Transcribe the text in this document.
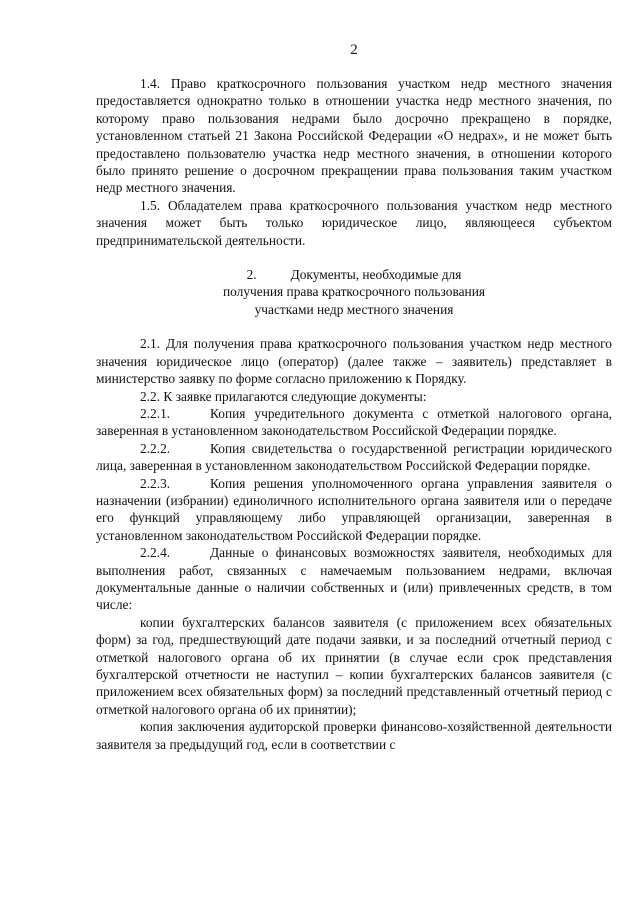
2

1.4. Право краткосрочного пользования участком недр местного значения предоставляется однократно только в отношении участка недр местного значения, по которому право пользования недрами было досрочно прекращено в порядке, установленном статьей 21 Закона Российской Федерации «О недрах», и не может быть предоставлено пользователю участка недр местного значения, в отношении которого было принято решение о досрочном прекращении права пользования таким участком недр местного значения.

1.5. Обладателем права краткосрочного пользования участком недр местного значения может быть только юридическое лицо, являющееся субъектом предпринимательской деятельности.

2.	Документы, необходимые для
получения права краткосрочного пользования
участками недр местного значения

2.1. Для получения права краткосрочного пользования участком недр местного значения юридическое лицо (оператор) (далее также – заявитель) представляет в министерство заявку по форме согласно приложению к Порядку.

2.2. К заявке прилагаются следующие документы:

2.2.1.	Копия учредительного документа с отметкой налогового органа, заверенная в установленном законодательством Российской Федерации порядке.

2.2.2.	Копия свидетельства о государственной регистрации юридического лица, заверенная в установленном законодательством Российской Федерации порядке.

2.2.3.	Копия решения уполномоченного органа управления заявителя о назначении (избрании) единоличного исполнительного органа заявителя или о передаче его функций управляющему либо управляющей организации, заверенная в установленном законодательством Российской Федерации порядке.

2.2.4.	Данные о финансовых возможностях заявителя, необходимых для выполнения работ, связанных с намечаемым пользованием недрами, включая документальные данные о наличии собственных и (или) привлеченных средств, в том числе:

копии бухгалтерских балансов заявителя (с приложением всех обязательных форм) за год, предшествующий дате подачи заявки, и за последний отчетный период с отметкой налогового органа об их принятии (в случае если срок представления бухгалтерской отчетности не наступил – копии бухгалтерских балансов заявителя (с приложением всех обязательных форм) за последний представленный отчетный период с отметкой налогового органа об их принятии);

копия заключения аудиторской проверки финансово-хозяйственной деятельности заявителя за предыдущий год, если в соответствии с
